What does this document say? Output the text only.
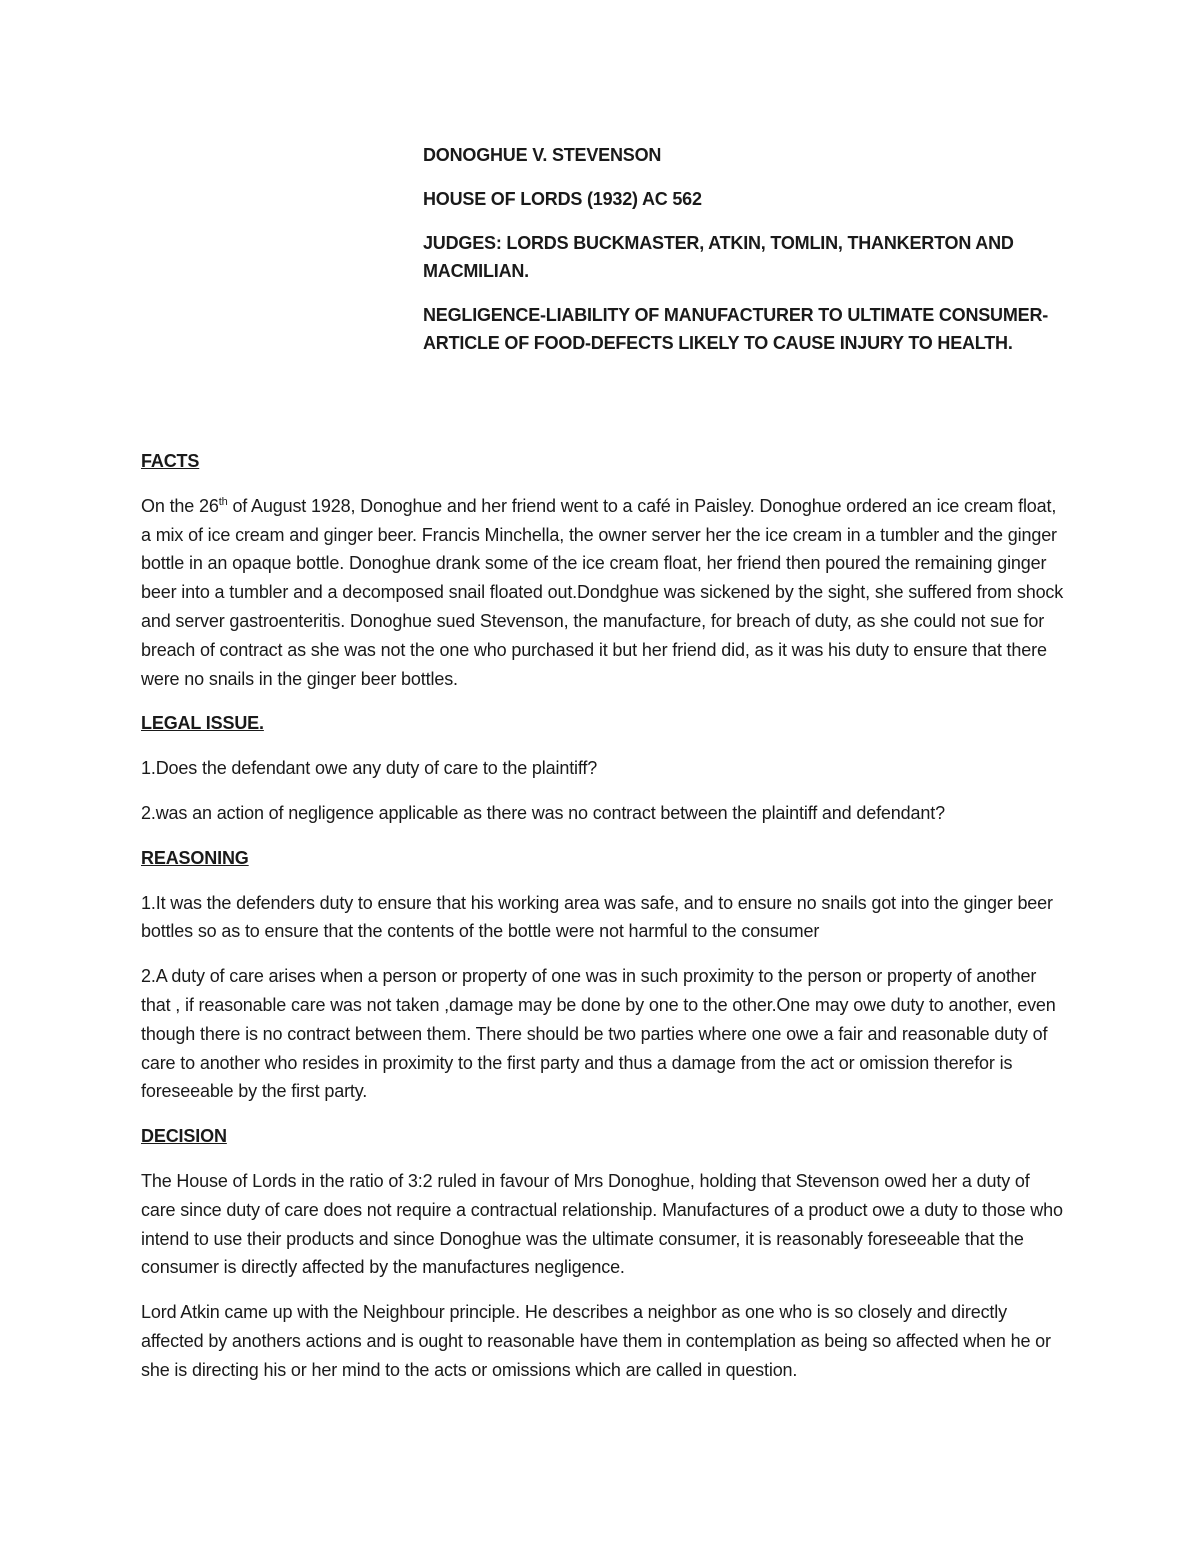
DONOGHUE V. STEVENSON

HOUSE OF LORDS (1932) AC 562

JUDGES: LORDS BUCKMASTER, ATKIN, TOMLIN, THANKERTON AND MACMILIAN.

NEGLIGENCE-LIABILITY OF MANUFACTURER TO ULTIMATE CONSUMER-ARTICLE OF FOOD-DEFECTS LIKELY TO CAUSE INJURY TO HEALTH.

FACTS

On the 26th of August 1928, Donoghue and her friend went to a café in Paisley. Donoghue ordered an ice cream float, a mix of ice cream and ginger beer. Francis Minchella, the owner server her the ice cream in a tumbler and the ginger bottle in an opaque bottle. Donoghue drank some of the ice cream float, her friend then poured the remaining ginger beer into a tumbler and a decomposed snail floated out.Dondghue was sickened by the sight, she suffered from shock and server gastroenteritis. Donoghue sued Stevenson, the manufacture, for breach of duty, as she could not sue for breach of contract as she was not the one who purchased it but her friend did, as it was his duty to ensure that there were no snails in the ginger beer bottles.

LEGAL ISSUE.

1.Does the defendant owe any duty of care to the plaintiff?

2.was an action of negligence applicable as there was no contract between the plaintiff and defendant?

REASONING

1.It was the defenders duty to ensure that his working area was safe, and to ensure no snails got into the ginger beer bottles so as to ensure that the contents of the bottle were not harmful to the consumer

2.A duty of care arises when a person or property of one was in such proximity to the person or property of another that , if reasonable care was not taken ,damage may be done by one to the other.One may owe duty to another, even though there is no contract between them. There should be two parties where one owe a fair and reasonable duty of care to another who resides in proximity to the first party and thus a damage from the act or omission therefor is foreseeable by the first party.

DECISION

The House of Lords in the ratio of 3:2 ruled in favour of Mrs Donoghue, holding that Stevenson owed her a duty of care since duty of care does not require a contractual relationship. Manufactures of a product owe a duty to those who intend to use their products and since Donoghue was the ultimate consumer, it is reasonably foreseeable that the consumer is directly affected by the manufactures negligence.

Lord Atkin came up with the Neighbour principle. He describes a neighbor as one who is so closely and directly affected by anothers actions and is ought to reasonable have them in contemplation as being so affected when he or she is directing his or her mind to the acts or omissions which are called in question.
